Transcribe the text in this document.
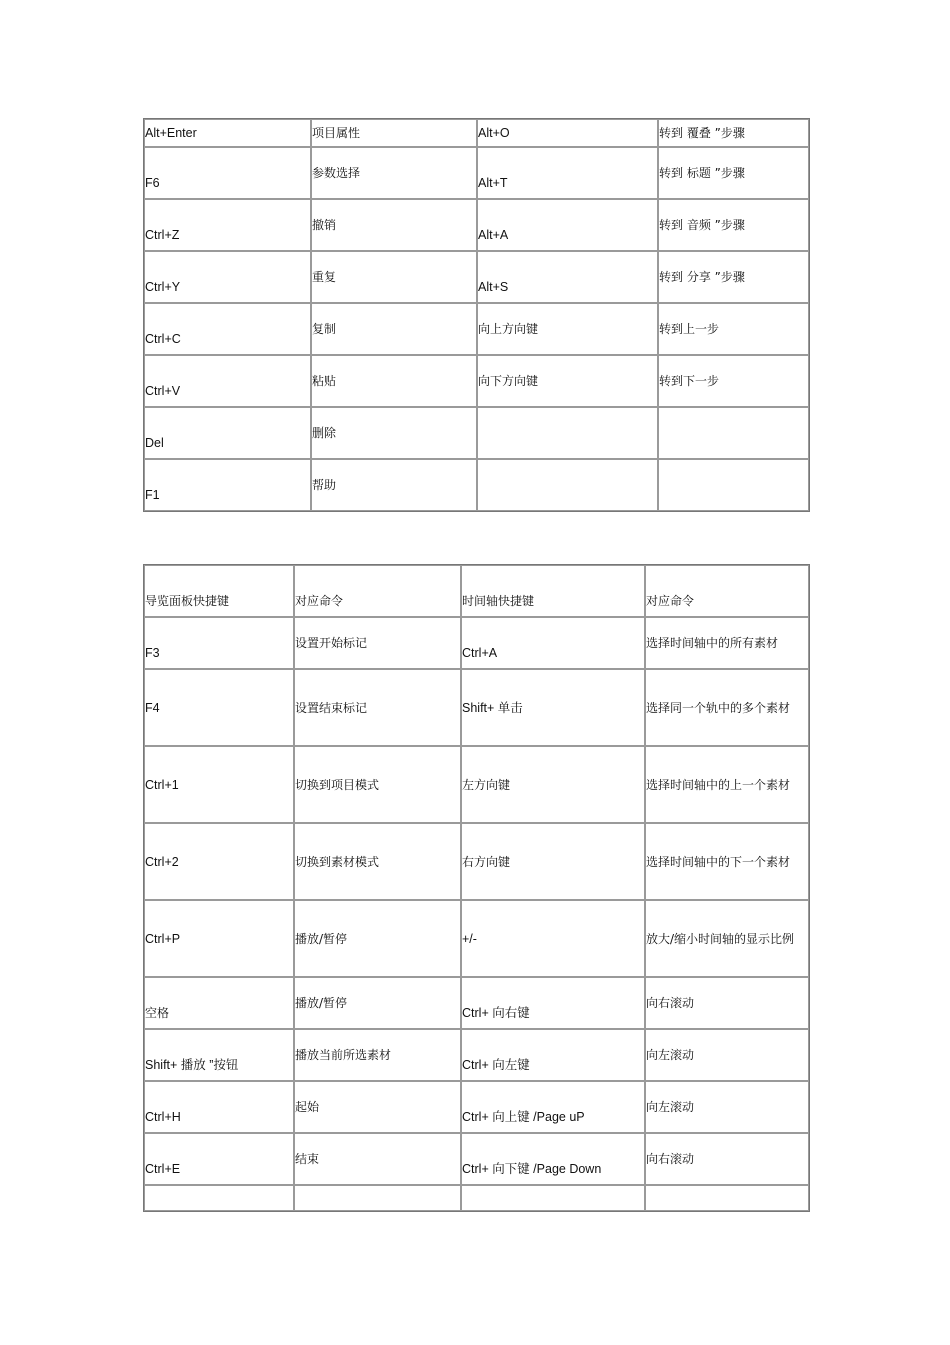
Alt+Enter	项目属性	Alt+O	转到 覆叠 ”步骤
F6	参数选择	Alt+T	转到 标题 ”步骤
Ctrl+Z	撤销	Alt+A	转到 音频 ”步骤
Ctrl+Y	重复	Alt+S	转到 分享 ”步骤
Ctrl+C	复制	向上方向键	转到上一步
Ctrl+V	粘贴	向下方向键	转到下一步
Del	删除		
F1	帮助		
导览面板快捷键	对应命令	时间轴快捷键	对应命令
F3	设置开始标记	Ctrl+A	选择时间轴中的所有素材
F4	设置结束标记	Shift+ 单击	选择同一个轨中的多个素材
Ctrl+1	切换到项目模式	左方向键	选择时间轴中的上一个素材
Ctrl+2	切换到素材模式	右方向键	选择时间轴中的下一个素材
Ctrl+P	播放/暂停	+/-	放大/缩小时间轴的显示比例
空格	播放/暂停	Ctrl+ 向右键	向右滚动
Shift+ 播放 ”按钮	播放当前所选素材	Ctrl+ 向左键	向左滚动
Ctrl+H	起始	Ctrl+ 向上键 /Page uP	向左滚动
Ctrl+E	结束	Ctrl+ 向下键 /Page Down	向右滚动
